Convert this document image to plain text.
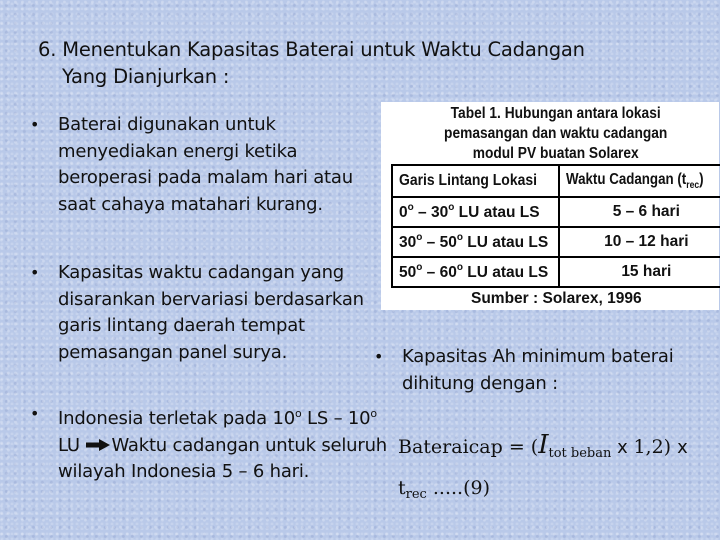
6. Menentukan Kapasitas Baterai untuk Waktu Cadangan
Yang Dianjurkan :
• Baterai digunakan untuk menyediakan energi ketika beroperasi pada malam hari atau saat cahaya matahari kurang.
• Kapasitas waktu cadangan yang disarankan bervariasi berdasarkan garis lintang daerah tempat pemasangan panel surya.
• Indonesia terletak pada 10$^o$ LS – 10$^o$ LU Waktu cadangan untuk seluruh wilayah Indonesia 5 – 6 hari.
• Kapasitas Ah minimum baterai dihitung dengan :
Bateraicap = ($I_{tot beban}$ x 1,2) x
$t_{rec}$ .....(9)
Tabel 1. Hubungan antara lokasi
pemasangan dan waktu cadangan
modul PV buatan Solarex
Garis Lintang Lokasi	Waktu Cadangan $(t_{rec})$
0$^o$ – 30$^o$ LU atau LS	5 – 6 hari
30$^o$ – 50$^o$ LU atau LS	10 – 12 hari
50$^o$ – 60$^o$ LU atau LS	15 hari
Sumber : Solarex, 1996
